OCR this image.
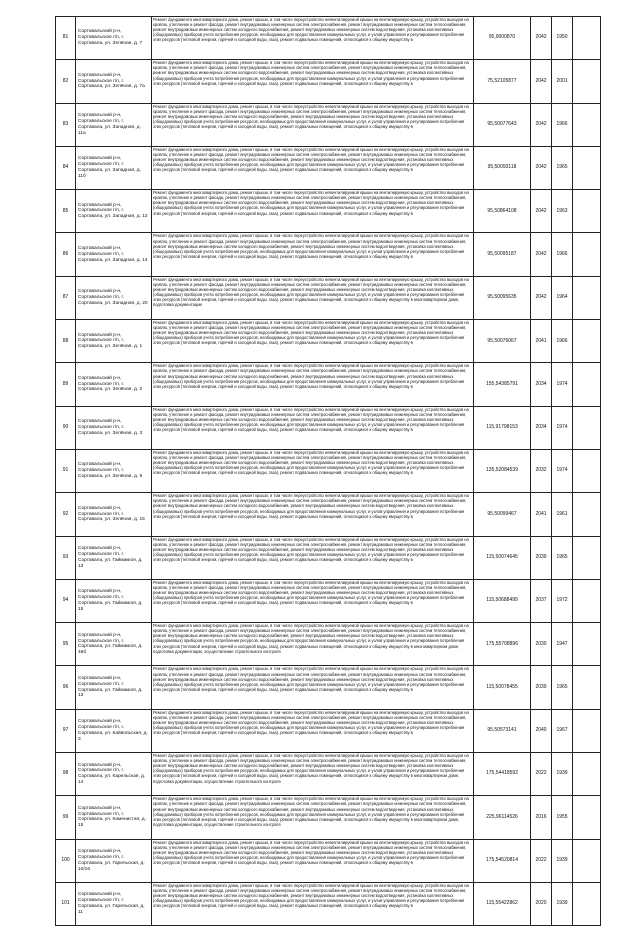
81	Сортавальский р-н, Сортавальское г/п, г. Сортавала, ул. Зелёная, д. 7	Ремонт фундамента многоквартирного дома, ремонт крыши, в том числе переустройство невентилируемой крыши на вентилируемую крышу, устройство выходов на кровлю, утепление и ремонт фасада, ремонт внутридомовых инженерных систем электроснабжения, ремонт внутридомовых инженерных систем теплоснабжения, ремонт внутридомовых инженерных систем холодного водоснабжения, ремонт внутридомовых инженерных систем водоотведения, установка коллективных (общедомовых) приборов учета потребления ресурсов, необходимых для предоставления коммунальных услуг, и узлов управления и регулирования потребления этих ресурсов (тепловой энергии, горячей и холодной воды, газа), ремонт подвальных помещений, относящихся к общему имуществу в	95,9000870	2042	1950	
82	Сортавальский р-н, Сортавальское г/п, г. Сортавала, ул. Зелёная, д. 7а	Ремонт фундамента многоквартирного дома, ремонт крыши, в том числе переустройство невентилируемой крыши на вентилируемую крышу, устройство выходов на кровлю, утепление и ремонт фасада, ремонт внутридомовых инженерных систем электроснабжения, ремонт внутридомовых инженерных систем теплоснабжения, ремонт внутридомовых инженерных систем холодного водоснабжения, ремонт внутридомовых инженерных систем водоотведения, установка коллективных (общедомовых) приборов учета потребления ресурсов, необходимых для предоставления коммунальных услуг, и узлов управления и регулирования потребления этих ресурсов (тепловой энергии, горячей и холодной воды, газа), ремонт подвальных помещений, относящихся к общему имуществу в	75,52105877	2042	2001	
83	Сортавальский р-н, Сортавальское г/п, г. Сортавала, ул. Западная, д. 11а	Ремонт фундамента многоквартирного дома, ремонт крыши, в том числе переустройство невентилируемой крыши на вентилируемую крышу, устройство выходов на кровлю, утепление и ремонт фасада, ремонт внутридомовых инженерных систем электроснабжения, ремонт внутридомовых инженерных систем теплоснабжения, ремонт внутридомовых инженерных систем холодного водоснабжения, ремонт внутридомовых инженерных систем водоотведения, установка коллективных (общедомовых) приборов учета потребления ресурсов, необходимых для предоставления коммунальных услуг, и узлов управления и регулирования потребления этих ресурсов (тепловой энергии, горячей и холодной воды, газа), ремонт подвальных помещений, относящихся к общему имуществу в	95,50077643	2042	1966	
84	Сортавальский р-н, Сортавальское г/п, г. Сортавала, ул. Западная, д. 11б	Ремонт фундамента многоквартирного дома, ремонт крыши, в том числе переустройство невентилируемой крыши на вентилируемую крышу, устройство выходов на кровлю, утепление и ремонт фасада, ремонт внутридомовых инженерных систем электроснабжения, ремонт внутридомовых инженерных систем теплоснабжения, ремонт внутридомовых инженерных систем холодного водоснабжения, ремонт внутридомовых инженерных систем водоотведения, установка коллективных (общедомовых) приборов учета потребления ресурсов, необходимых для предоставления коммунальных услуг, и узлов управления и регулирования потребления этих ресурсов (тепловой энергии, горячей и холодной воды, газа), ремонт подвальных помещений, относящихся к общему имуществу в	95,50093118	2042	1965	
85	Сортавальский р-н, Сортавальское г/п, г. Сортавала, ул. Западная, д. 12	Ремонт фундамента многоквартирного дома, ремонт крыши, в том числе переустройство невентилируемой крыши на вентилируемую крышу, устройство выходов на кровлю, утепление и ремонт фасада, ремонт внутридомовых инженерных систем электроснабжения, ремонт внутридомовых инженерных систем теплоснабжения, ремонт внутридомовых инженерных систем холодного водоснабжения, ремонт внутридомовых инженерных систем водоотведения, установка коллективных (общедомовых) приборов учета потребления ресурсов, необходимых для предоставления коммунальных услуг, и узлов управления и регулирования потребления этих ресурсов (тепловой энергии, горячей и холодной воды, газа), ремонт подвальных помещений, относящихся к общему имуществу в	95,50864108	2042	1963	
86	Сортавальский р-н, Сортавальское г/п, г. Сортавала, ул. Западная, д. 14	Ремонт фундамента многоквартирного дома, ремонт крыши, в том числе переустройство невентилируемой крыши на вентилируемую крышу, устройство выходов на кровлю, утепление и ремонт фасада, ремонт внутридомовых инженерных систем электроснабжения, ремонт внутридомовых инженерных систем теплоснабжения, ремонт внутридомовых инженерных систем холодного водоснабжения, ремонт внутридомовых инженерных систем водоотведения, установка коллективных (общедомовых) приборов учета потребления ресурсов, необходимых для предоставления коммунальных услуг, и узлов управления и регулирования потребления этих ресурсов (тепловой энергии, горячей и холодной воды, газа), ремонт подвальных помещений, относящихся к общему имуществу в	95,50095187	2042	1966	
87	Сортавальский р-н, Сортавальское г/п, г. Сортавала, ул. Западная, д. 20	Ремонт фундамента многоквартирного дома, ремонт крыши, в том числе переустройство невентилируемой крыши на вентилируемую крышу, устройство выходов на кровлю, утепление и ремонт фасада, ремонт внутридомовых инженерных систем электроснабжения, ремонт внутридомовых инженерных систем теплоснабжения, ремонт внутридомовых инженерных систем холодного водоснабжения, ремонт внутридомовых инженерных систем водоотведения, установка коллективных (общедомовых) приборов учета потребления ресурсов, необходимых для предоставления коммунальных услуг, и узлов управления и регулирования потребления этих ресурсов (тепловой энергии, горячей и холодной воды, газа), ремонт подвальных помещений, относящихся к общему имуществу в многоквартирном доме, подготовка документации	95,50095635	2042	1964	
88	Сортавальский р-н, Сортавальское г/п, г. Сортавала, ул. Зелёная, д. 1	Ремонт фундамента многоквартирного дома, ремонт крыши, в том числе переустройство невентилируемой крыши на вентилируемую крышу, устройство выходов на кровлю, утепление и ремонт фасада, ремонт внутридомовых инженерных систем электроснабжения, ремонт внутридомовых инженерных систем теплоснабжения, ремонт внутридомовых инженерных систем холодного водоснабжения, ремонт внутридомовых инженерных систем водоотведения, установка коллективных (общедомовых) приборов учета потребления ресурсов, необходимых для предоставления коммунальных услуг, и узлов управления и регулирования потребления этих ресурсов (тепловой энергии, горячей и холодной воды, газа), ремонт подвальных помещений, относящихся к общему имуществу в	95,50076067	2041	1966	
89	Сортавальский р-н, Сортавальское г/п, г. Сортавала, ул. Зелёная, д. 2	Ремонт фундамента многоквартирного дома, ремонт крыши, в том числе переустройство невентилируемой крыши на вентилируемую крышу, устройство выходов на кровлю, утепление и ремонт фасада, ремонт внутридомовых инженерных систем электроснабжения, ремонт внутридомовых инженерных систем теплоснабжения, ремонт внутридомовых инженерных систем холодного водоснабжения, ремонт внутридомовых инженерных систем водоотведения, установка коллективных (общедомовых) приборов учета потребления ресурсов, необходимых для предоставления коммунальных услуг, и узлов управления и регулирования потребления этих ресурсов (тепловой энергии, горячей и холодной воды, газа), ремонт подвальных помещений, относящихся к общему имуществу в	155,54385791	2034	1974	
90	Сортавальский р-н, Сортавальское г/п, г. Сортавала, ул. Зелёная, д. 3	Ремонт фундамента многоквартирного дома, ремонт крыши, в том числе переустройство невентилируемой крыши на вентилируемую крышу, устройство выходов на кровлю, утепление и ремонт фасада, ремонт внутридомовых инженерных систем электроснабжения, ремонт внутридомовых инженерных систем теплоснабжения, ремонт внутридомовых инженерных систем холодного водоснабжения, ремонт внутридомовых инженерных систем водоотведения, установка коллективных (общедомовых) приборов учета потребления ресурсов, необходимых для предоставления коммунальных услуг, и узлов управления и регулирования потребления этих ресурсов (тепловой энергии, горячей и холодной воды, газа), ремонт подвальных помещений, относящихся к общему имуществу в	115,91798153	2034	1974	
91	Сортавальский р-н, Сортавальское г/п, г. Сортавала, ул. Зелёная, д. 9	Ремонт фундамента многоквартирного дома, ремонт крыши, в том числе переустройство невентилируемой крыши на вентилируемую крышу, устройство выходов на кровлю, утепление и ремонт фасада, ремонт внутридомовых инженерных систем электроснабжения, ремонт внутридомовых инженерных систем теплоснабжения, ремонт внутридомовых инженерных систем холодного водоснабжения, ремонт внутридомовых инженерных систем водоотведения, установка коллективных (общедомовых) приборов учета потребления ресурсов, необходимых для предоставления коммунальных услуг, и узлов управления и регулирования потребления этих ресурсов (тепловой энергии, горячей и холодной воды, газа), ремонт подвальных помещений, относящихся к общему имуществу в	135,52084539	2032	1974	
92	Сортавальский р-н, Сортавальское г/п, г. Сортавала, ул. Зелёная, д. 15	Ремонт фундамента многоквартирного дома, ремонт крыши, в том числе переустройство невентилируемой крыши на вентилируемую крышу, устройство выходов на кровлю, утепление и ремонт фасада, ремонт внутридомовых инженерных систем электроснабжения, ремонт внутридомовых инженерных систем теплоснабжения, ремонт внутридомовых инженерных систем холодного водоснабжения, ремонт внутридомовых инженерных систем водоотведения, установка коллективных (общедомовых) приборов учета потребления ресурсов, необходимых для предоставления коммунальных услуг, и узлов управления и регулирования потребления этих ресурсов (тепловой энергии, горячей и холодной воды, газа), ремонт подвальных помещений, относящихся к общему имуществу в	95,50099467	2041	1961	
93	Сортавальский р-н, Сортавальское г/п, г. Сортавала, ул. Гаймаккоя, д. 13	Ремонт фундамента многоквартирного дома, ремонт крыши, в том числе переустройство невентилируемой крыши на вентилируемую крышу, устройство выходов на кровлю, утепление и ремонт фасада, ремонт внутридомовых инженерных систем электроснабжения, ремонт внутридомовых инженерных систем теплоснабжения, ремонт внутридомовых инженерных систем холодного водоснабжения, ремонт внутридомовых инженерных систем водоотведения, установка коллективных (общедомовых) приборов учета потребления ресурсов, необходимых для предоставления коммунальных услуг, и узлов управления и регулирования потребления этих ресурсов (тепловой энергии, горячей и холодной воды, газа), ремонт подвальных помещений, относящихся к общему имуществу в	115,50074645	2039	1965	
94	Сортавальский р-н, Сортавальское г/п, г. Сортавала, ул. Гаймаккоя, д. 15	Ремонт фундамента многоквартирного дома, ремонт крыши, в том числе переустройство невентилируемой крыши на вентилируемую крышу, устройство выходов на кровлю, утепление и ремонт фасада, ремонт внутридомовых инженерных систем электроснабжения, ремонт внутридомовых инженерных систем теплоснабжения, ремонт внутридомовых инженерных систем холодного водоснабжения, ремонт внутридомовых инженерных систем водоотведения, установка коллективных (общедомовых) приборов учета потребления ресурсов, необходимых для предоставления коммунальных услуг, и узлов управления и регулирования потребления этих ресурсов (тепловой энергии, горячей и холодной воды, газа), ремонт подвальных помещений, относящихся к общему имуществу в	115,50688499	2037	1972	
95	Сортавальский р-н, Сортавальское г/п, г. Сортавала, ул. Гаймаккоя, д. 46б	Ремонт фундамента многоквартирного дома, ремонт крыши, в том числе переустройство невентилируемой крыши на вентилируемую крышу, устройство выходов на кровлю, утепление и ремонт фасада, ремонт внутридомовых инженерных систем электроснабжения, ремонт внутридомовых инженерных систем теплоснабжения, ремонт внутридомовых инженерных систем холодного водоснабжения, ремонт внутридомовых инженерных систем водоотведения, установка коллективных (общедомовых) приборов учета потребления ресурсов, необходимых для предоставления коммунальных услуг, и узлов управления и регулирования потребления этих ресурсов (тепловой энергии, горячей и холодной воды, газа), ремонт подвальных помещений, относящихся к общему имуществу в многоквартирном доме, подготовка документации, осуществление строительного контроля	175,55708896	2030	1947	
96	Сортавальский р-н, Сортавальское г/п, г. Сортавала, ул. Гаймаккоя, д. 13	Ремонт фундамента многоквартирного дома, ремонт крыши, в том числе переустройство невентилируемой крыши на вентилируемую крышу, устройство выходов на кровлю, утепление и ремонт фасада, ремонт внутридомовых инженерных систем электроснабжения, ремонт внутридомовых инженерных систем теплоснабжения, ремонт внутридомовых инженерных систем холодного водоснабжения, ремонт внутридомовых инженерных систем водоотведения, установка коллективных (общедомовых) приборов учета потребления ресурсов, необходимых для предоставления коммунальных услуг, и узлов управления и регулирования потребления этих ресурсов (тепловой энергии, горячей и холодной воды, газа), ремонт подвальных помещений, относящихся к общему имуществу в	115,50078455	2039	1965	
97	Сортавальский р-н, Сортавальское г/п, г. Сортавала, ул. Кайвольская, д. 3	Ремонт фундамента многоквартирного дома, ремонт крыши, в том числе переустройство невентилируемой крыши на вентилируемую крышу, устройство выходов на кровлю, утепление и ремонт фасада, ремонт внутридомовых инженерных систем электроснабжения, ремонт внутридомовых инженерных систем теплоснабжения, ремонт внутридомовых инженерных систем холодного водоснабжения, ремонт внутридомовых инженерных систем водоотведения, установка коллективных (общедомовых) приборов учета потребления ресурсов, необходимых для предоставления коммунальных услуг, и узлов управления и регулирования потребления этих ресурсов (тепловой энергии, горячей и холодной воды, газа), ремонт подвальных помещений, относящихся к общему имуществу в	95,50573141	2040	1967	
98	Сортавальский р-н, Сортавальское г/п, г. Сортавала, ул. Карельская, д. 14	Ремонт фундамента многоквартирного дома, ремонт крыши, в том числе переустройство невентилируемой крыши на вентилируемую крышу, устройство выходов на кровлю, утепление и ремонт фасада, ремонт внутридомовых инженерных систем электроснабжения, ремонт внутридомовых инженерных систем теплоснабжения, ремонт внутридомовых инженерных систем холодного водоснабжения, ремонт внутридомовых инженерных систем водоотведения, установка коллективных (общедомовых) приборов учета потребления ресурсов, необходимых для предоставления коммунальных услуг, и узлов управления и регулирования потребления этих ресурсов (тепловой энергии, горячей и холодной воды, газа), ремонт подвальных помещений, относящихся к общему имуществу в многоквартирном доме, подготовка документации, осуществление строительного контроля	175,54418592	2022	1939	
99	Сортавальский р-н, Сортавальское г/п, г. Сортавала, ул. Каменистая, д. 15	Ремонт фундамента многоквартирного дома, ремонт крыши, в том числе переустройство невентилируемой крыши на вентилируемую крышу, устройство выходов на кровлю, утепление и ремонт фасада, ремонт внутридомовых инженерных систем электроснабжения, ремонт внутридомовых инженерных систем теплоснабжения, ремонт внутридомовых инженерных систем холодного водоснабжения, ремонт внутридомовых инженерных систем водоотведения, установка коллективных (общедомовых) приборов учета потребления ресурсов, необходимых для предоставления коммунальных услуг, и узлов управления и регулирования потребления этих ресурсов (тепловой энергии, горячей и холодной воды, газа), ремонт подвальных помещений, относящихся к общему имуществу в многоквартирном доме, подготовка документации, осуществление строительного контроля	225,96114526	2016	1955	
100	Сортавальский р-н, Сортавальское г/п, г. Сортавала, ул. Гарельская, д. 10/16	Ремонт фундамента многоквартирного дома, ремонт крыши, в том числе переустройство невентилируемой крыши на вентилируемую крышу, устройство выходов на кровлю, утепление и ремонт фасада, ремонт внутридомовых инженерных систем электроснабжения, ремонт внутридомовых инженерных систем теплоснабжения, ремонт внутридомовых инженерных систем холодного водоснабжения, ремонт внутридомовых инженерных систем водоотведения, установка коллективных (общедомовых) приборов учета потребления ресурсов, необходимых для предоставления коммунальных услуг, и узлов управления и регулирования потребления этих ресурсов (тепловой энергии, горячей и холодной воды, газа), ремонт подвальных помещений, относящихся к общему имуществу в	175,54520814	2022	1939	
101	Сортавальский р-н, Сортавальское г/п, г. Сортавала, ул. Гарельская, д. 11	Ремонт фундамента многоквартирного дома, ремонт крыши, в том числе переустройство невентилируемой крыши на вентилируемую крышу, устройство выходов на кровлю, утепление и ремонт фасада, ремонт внутридомовых инженерных систем электроснабжения, ремонт внутридомовых инженерных систем теплоснабжения, ремонт внутридомовых инженерных систем холодного водоснабжения, ремонт внутридомовых инженерных систем водоотведения, установка коллективных (общедомовых) приборов учета потребления ресурсов, необходимых для предоставления коммунальных услуг, и узлов управления и регулирования потребления этих ресурсов (тепловой энергии, горячей и холодной воды, газа), ремонт подвальных помещений, относящихся к общему имуществу в	115,55422862	2020	1939	
